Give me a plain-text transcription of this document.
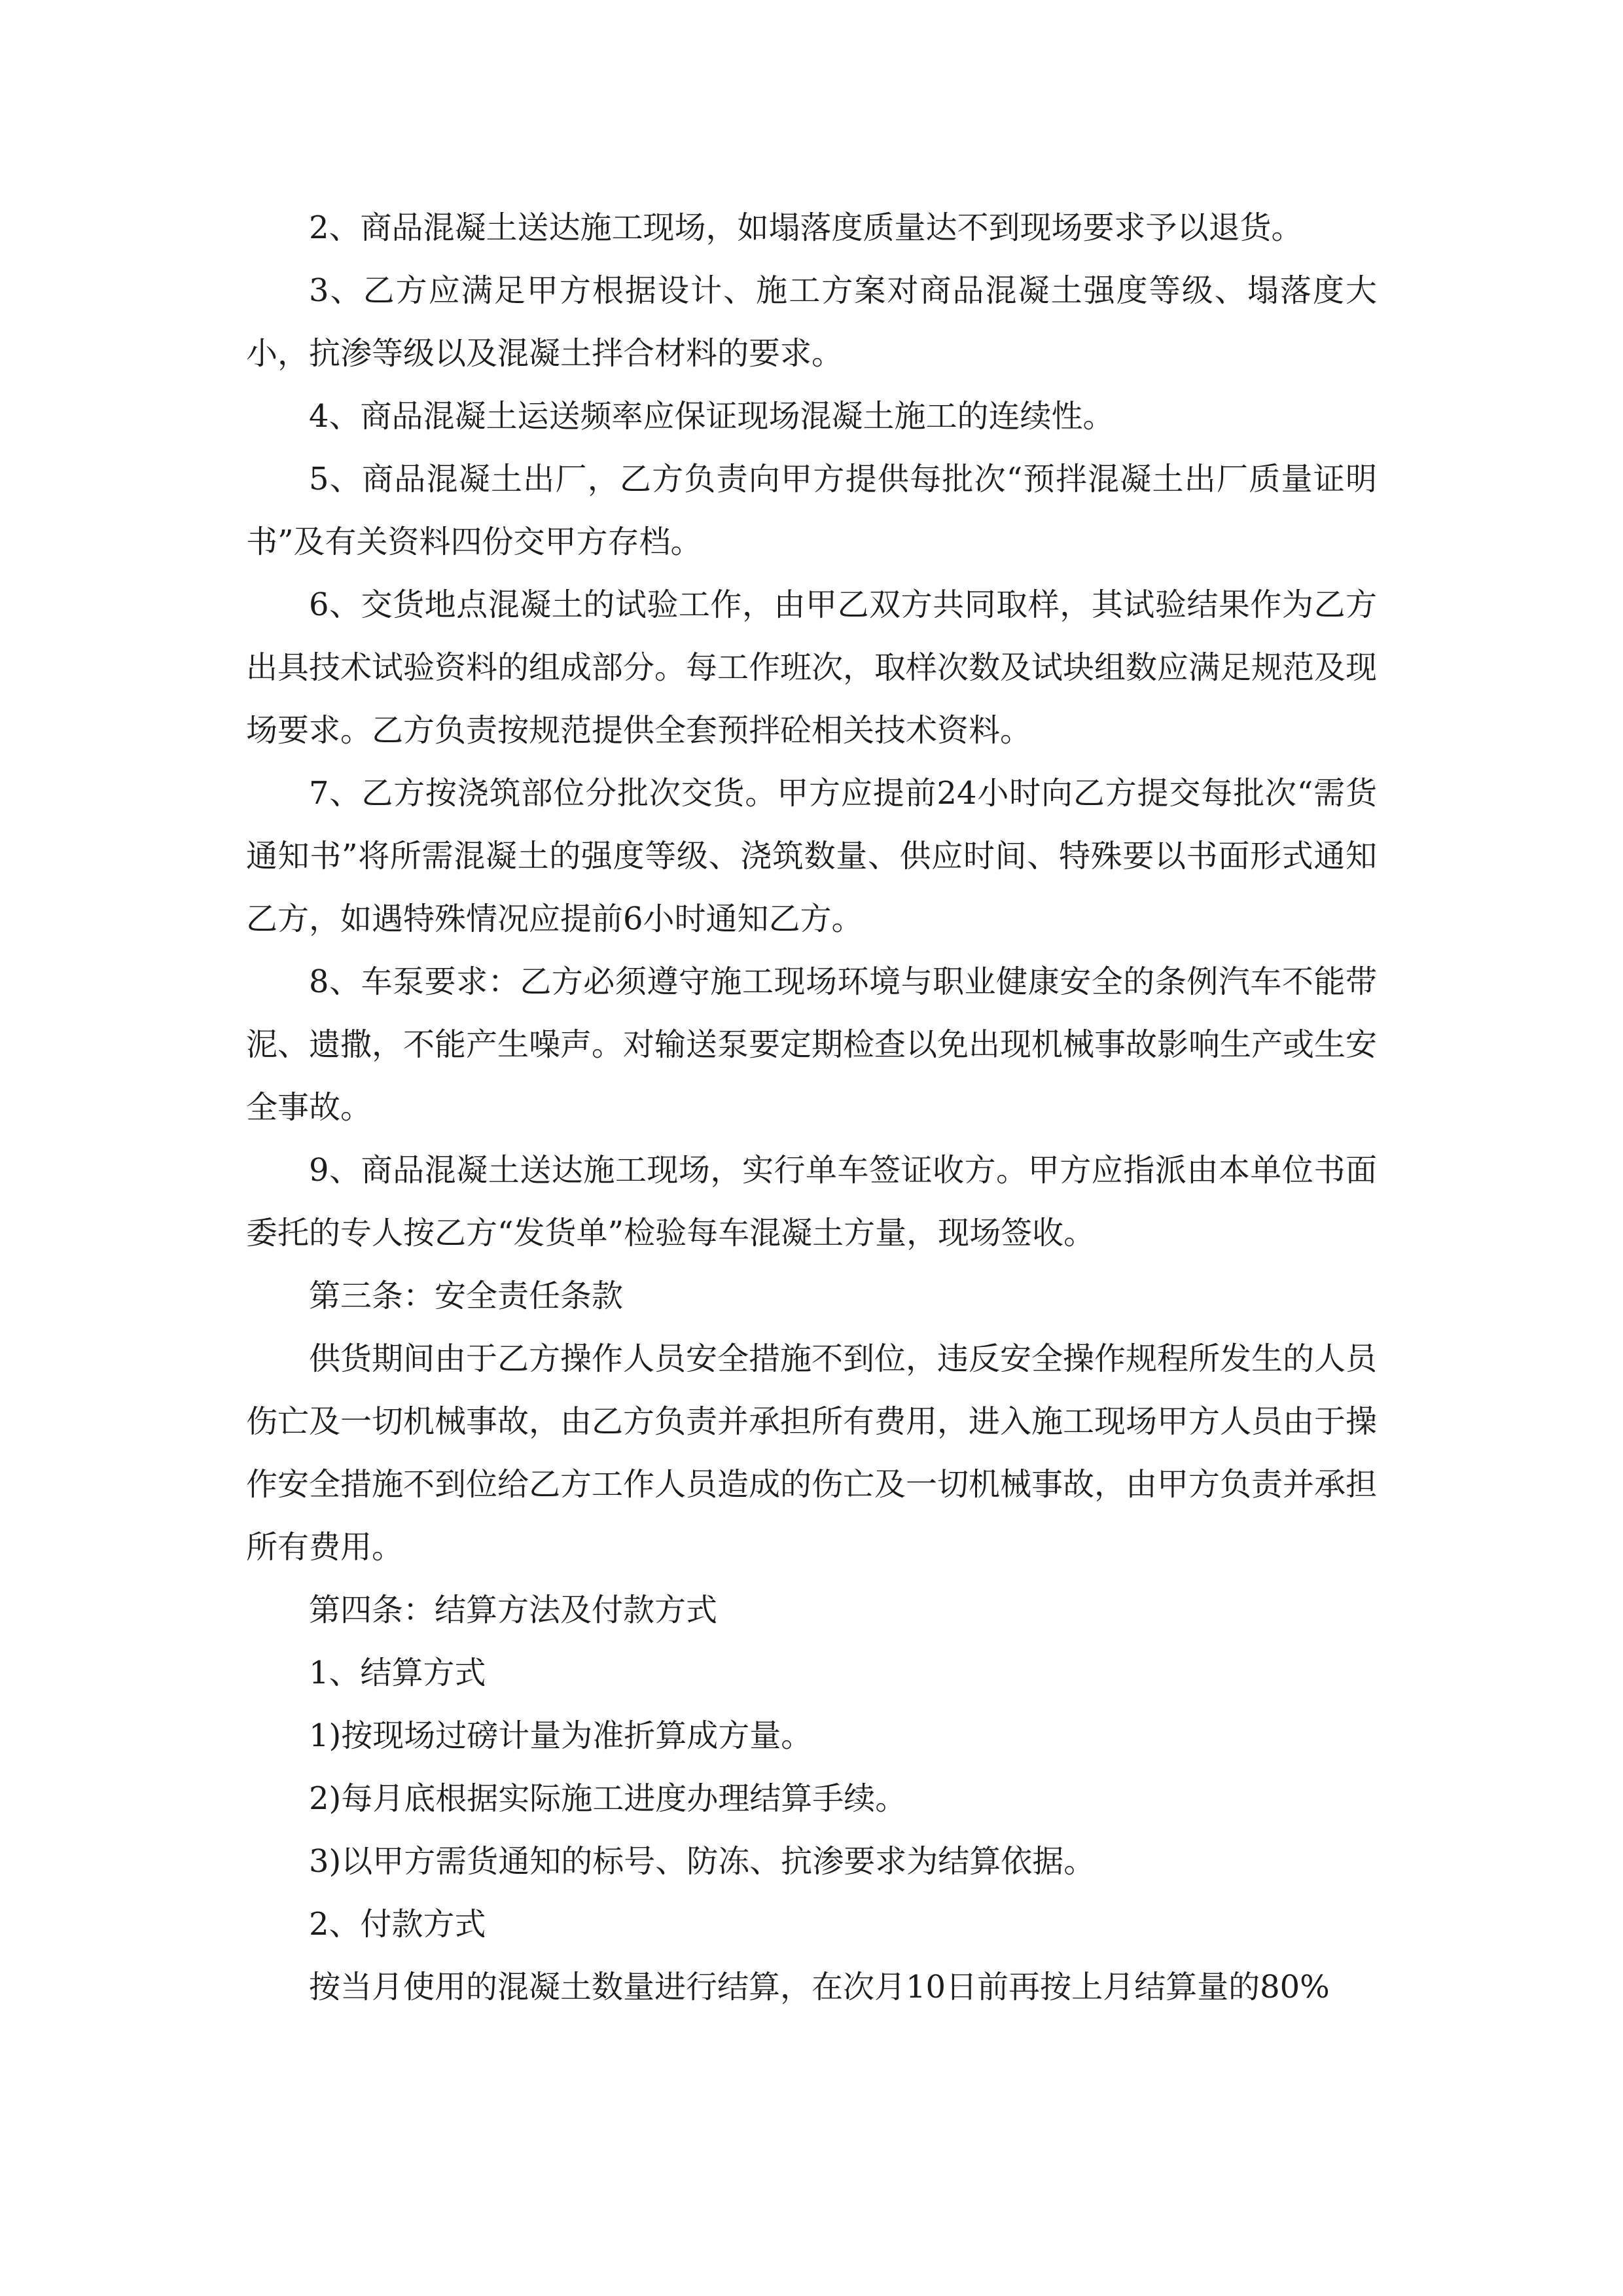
2、商品混凝土送达施工现场，如塌落度质量达不到现场要求予以退货。

3、乙方应满足甲方根据设计、施工方案对商品混凝土强度等级、塌落度大小，抗渗等级以及混凝土拌合材料的要求。

4、商品混凝土运送频率应保证现场混凝土施工的连续性。

5、商品混凝土出厂，乙方负责向甲方提供每批次“预拌混凝土出厂质量证明书”及有关资料四份交甲方存档。

6、交货地点混凝土的试验工作，由甲乙双方共同取样，其试验结果作为乙方出具技术试验资料的组成部分。每工作班次，取样次数及试块组数应满足规范及现场要求。乙方负责按规范提供全套预拌砼相关技术资料。

7、乙方按浇筑部位分批次交货。甲方应提前24小时向乙方提交每批次“需货通知书”将所需混凝土的强度等级、浇筑数量、供应时间、特殊要以书面形式通知乙方，如遇特殊情况应提前6小时通知乙方。

8、车泵要求：乙方必须遵守施工现场环境与职业健康安全的条例汽车不能带泥、遗撒，不能产生噪声。对输送泵要定期检查以免出现机械事故影响生产或生安全事故。

9、商品混凝土送达施工现场，实行单车签证收方。甲方应指派由本单位书面委托的专人按乙方“发货单”检验每车混凝土方量，现场签收。

第三条：安全责任条款

供货期间由于乙方操作人员安全措施不到位，违反安全操作规程所发生的人员伤亡及一切机械事故，由乙方负责并承担所有费用，进入施工现场甲方人员由于操作安全措施不到位给乙方工作人员造成的伤亡及一切机械事故，由甲方负责并承担所有费用。

第四条：结算方法及付款方式

1、结算方式

1)按现场过磅计量为准折算成方量。

2)每月底根据实际施工进度办理结算手续。

3)以甲方需货通知的标号、防冻、抗渗要求为结算依据。

2、付款方式

按当月使用的混凝土数量进行结算，在次月10日前再按上月结算量的80%
